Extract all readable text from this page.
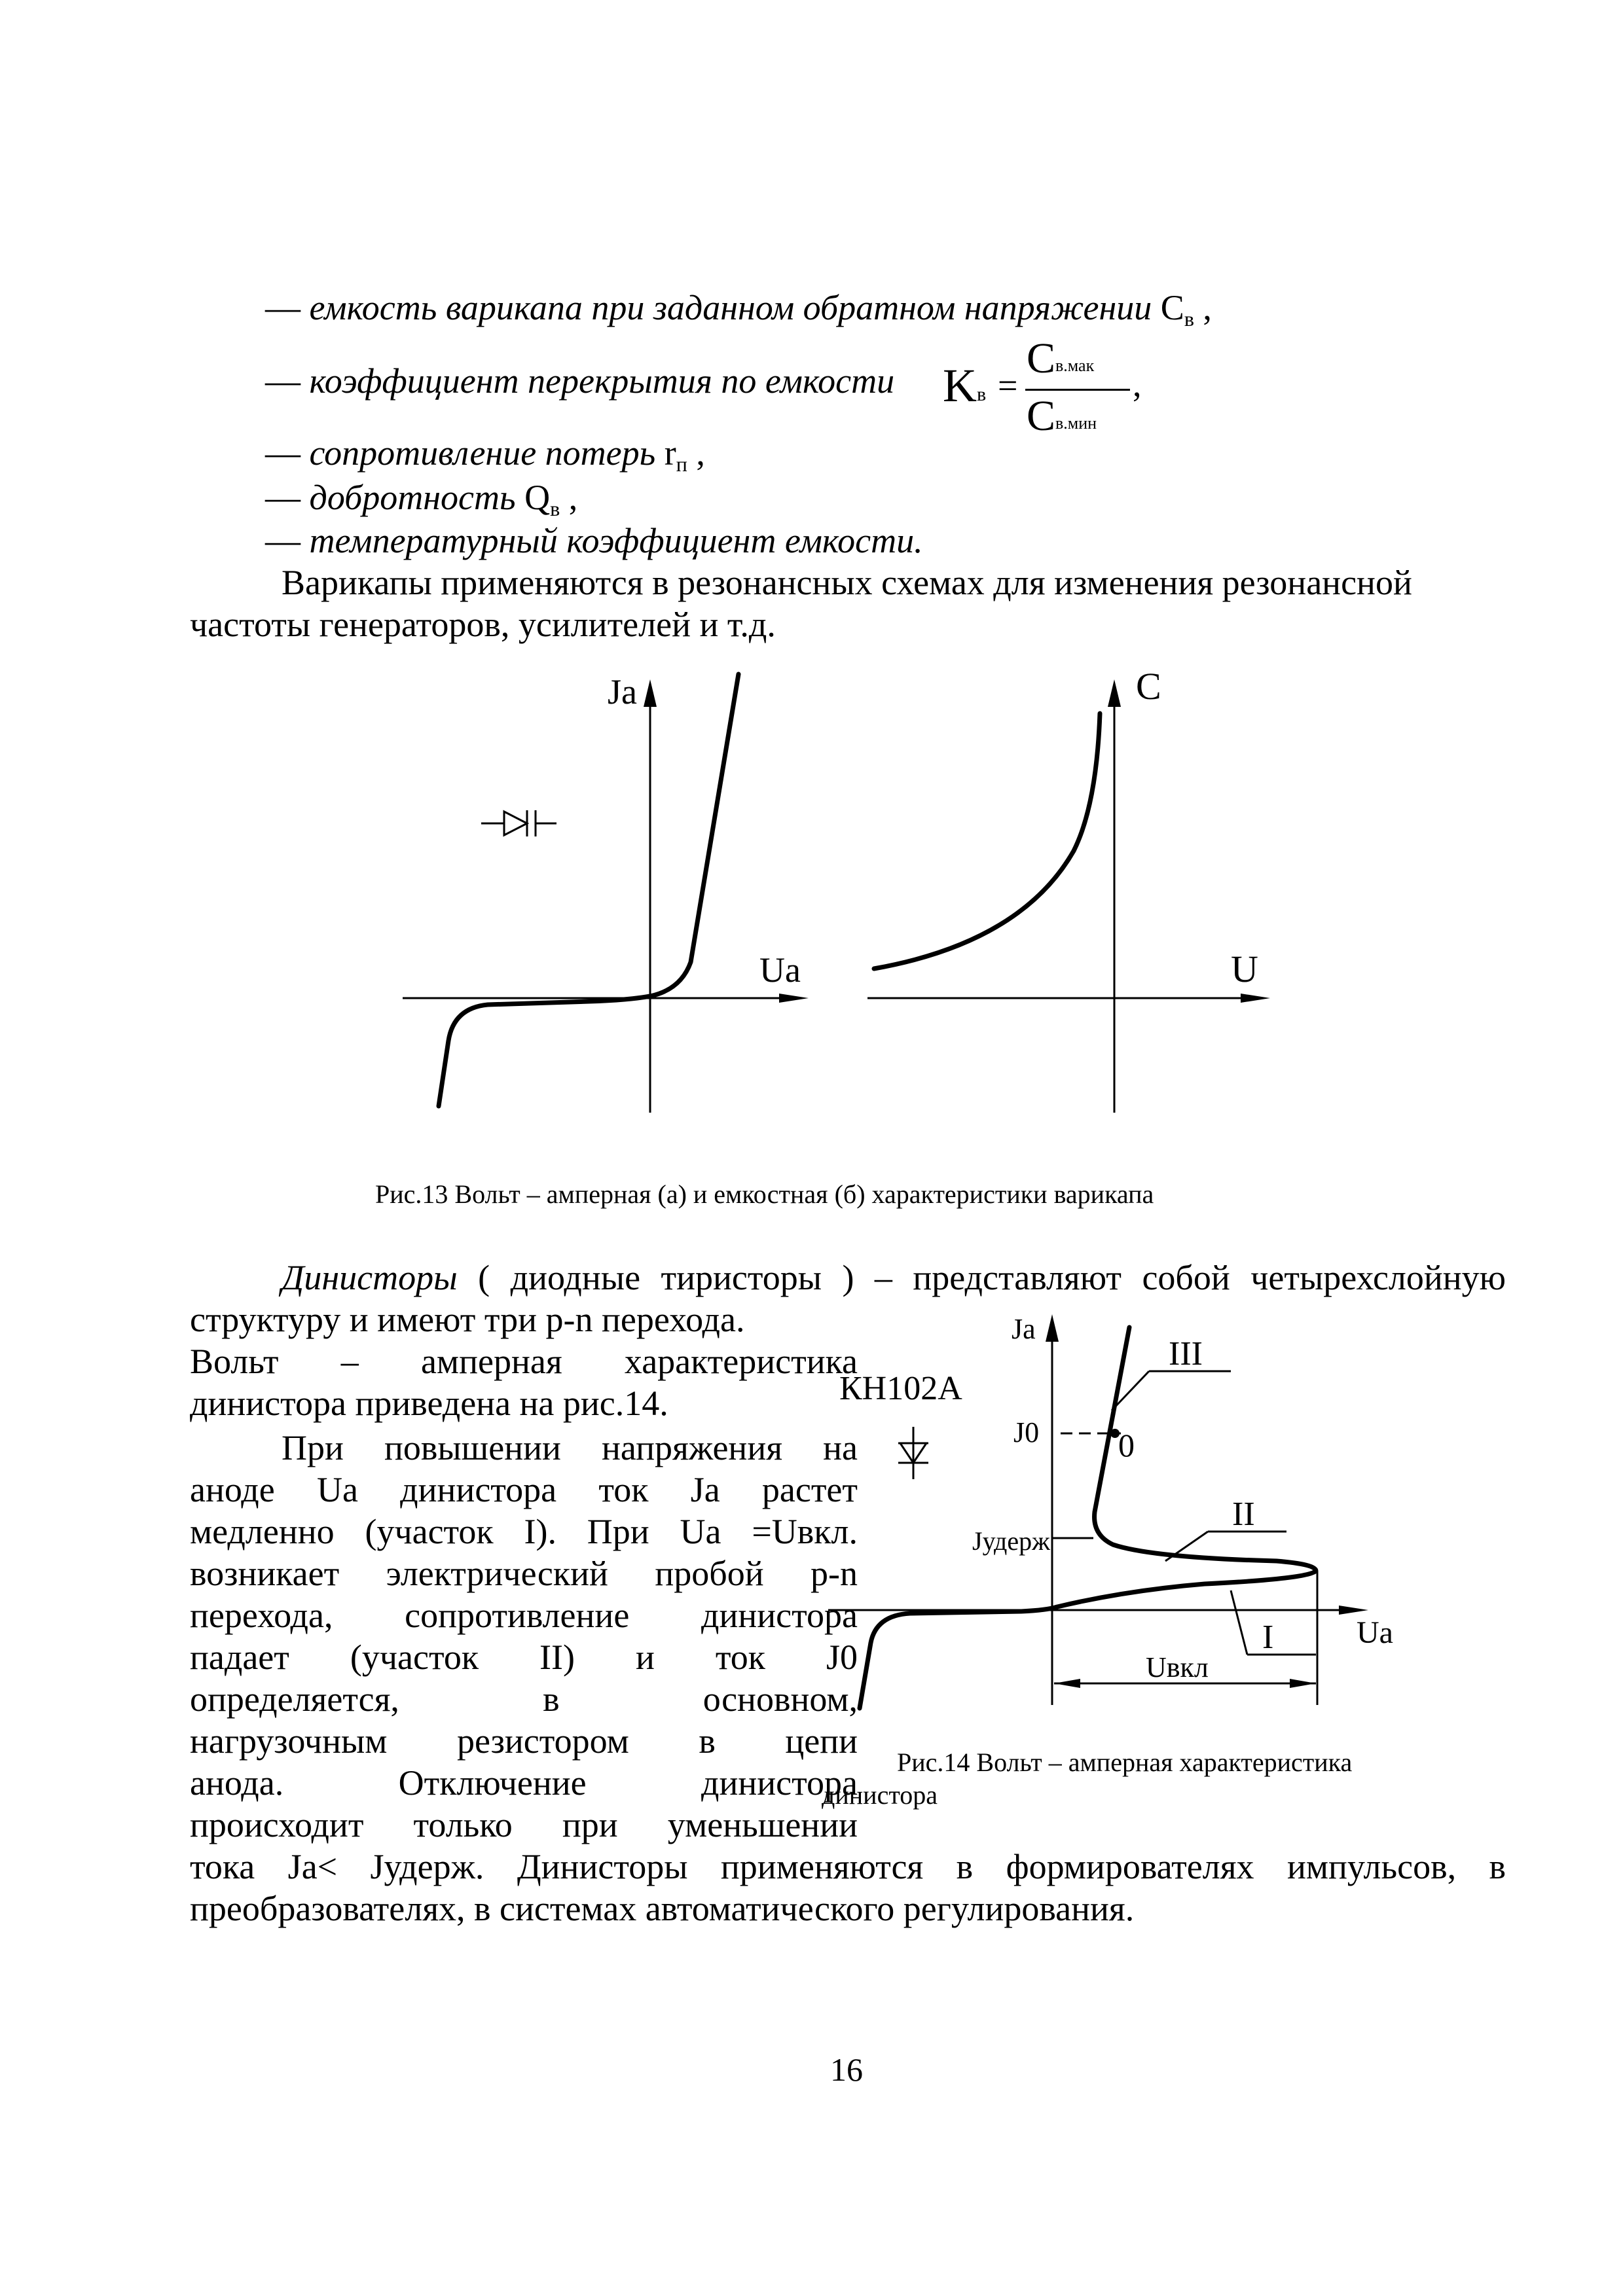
— емкость варикапа при заданном обратном напряжении $C_в$ ,
— коэффициент перекрытия по емкости K в =
C в.мак
C в.мин
,
— сопротивление потерь $r_п$ ,
— добротность $Q_в$ ,
— температурный коэффициент емкости.
Варикапы применяются в резонансных схемах для изменения резонансной
частоты генераторов, усилителей и т.д.
Ja
Ua
C
U
Рис.13 Вольт – амперная (а) и емкостная (б) характеристики варикапа
Динисторы ( диодные тиристоры ) – представляют собой четырехслойную
структуру и имеют три p-n перехода.
Вольт – амперная характеристика
динистора приведена на рис.14.
При повышении напряжения на
аноде Uа динистора ток Jа растет
медленно (участок I). При Uа =Uвкл.
возникает электрический пробой p-n
перехода, сопротивление динистора
падает (участок II) и ток J0
определяется, в основном,
нагрузочным резистором в цепи
анода. Отключение динистора
происходит только при уменьшении
тока Jа< Jудерж. Динисторы применяются в формирователях импульсов, в
преобразователях, в системах автоматического регулирования.
Ja
КН102А
J0 0
Jудерж
III
II
I	Ua
Uвкл
Рис.14 Вольт – амперная характеристика
динистора
16
